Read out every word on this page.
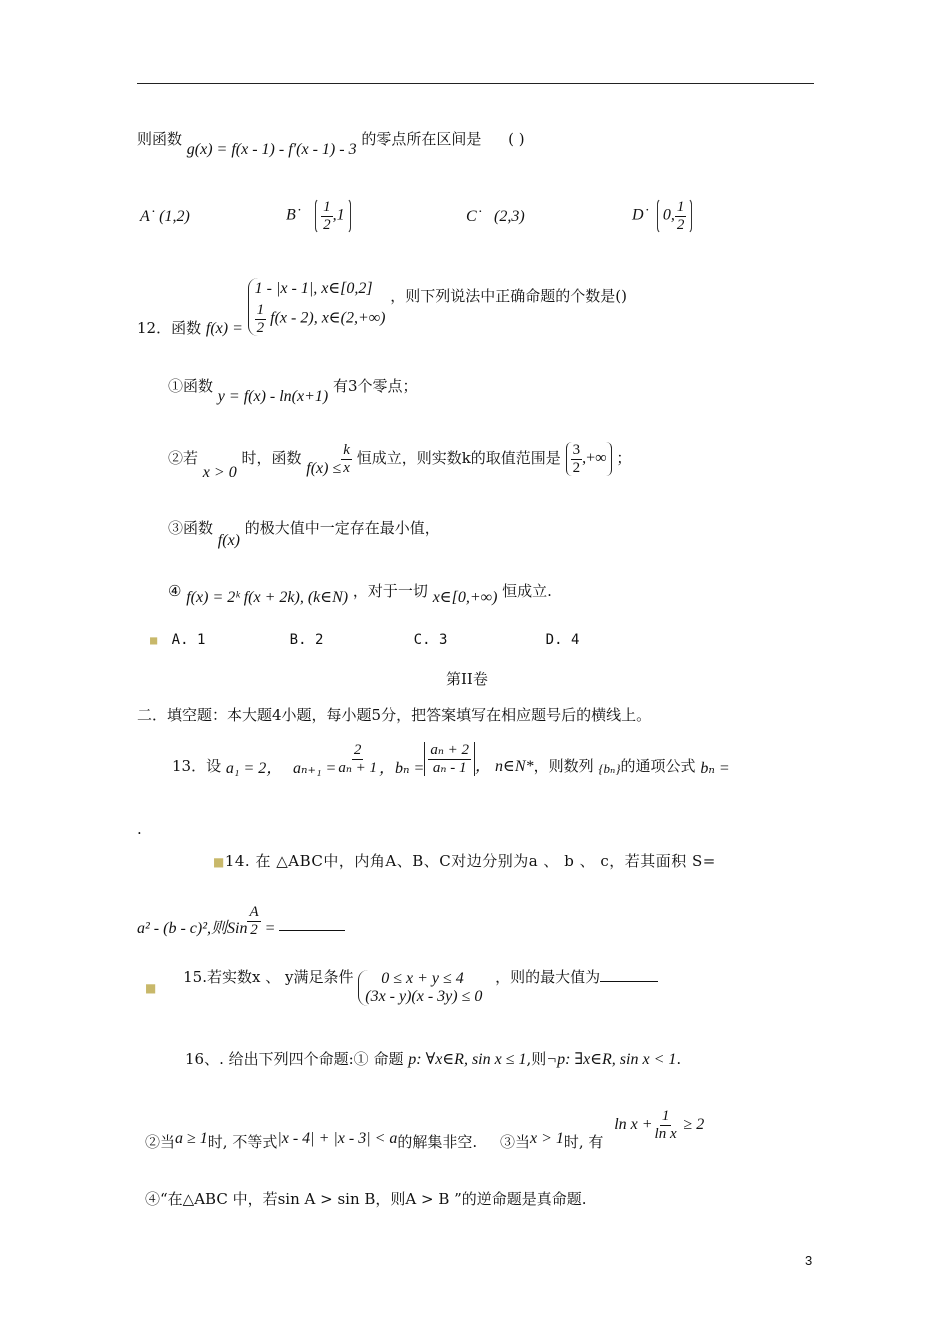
则函数 g(x) = f(x - 1) - f′(x - 1) - 3 的零点所在区间是 ( )
A˙ (1,2)	B˙ $\frac{1}{2} ,1$	C˙ (2,3)	D˙ 0, $\frac{1}{2}$
12．函数 f(x) =
1 - |x - 1|, x∈[0,2]
$\frac{1}{2} f(x - 2)$, x∈(2,+∞)
，则下列说法中正确命题的个数是()
①函数 y = f(x) - ln(x+1) 有3个零点；
②若 x > 0 时，函数 $f(x) \le \frac{k}{x}$ 恒成立，则实数k的取值范围是 $\frac{3}{2}$ ,+∞ ；
③函数 f(x) 的极大值中一定存在最小值，
④ f(x) = 2ᵏ f(x + 2k), (k∈N) ，对于一切 x∈[0,+∞) 恒成立.
■ A. 1	B. 2	C. 3	D. 4
第II卷
二．填空题：本大题4小题，每小题5分，把答案填写在相应题号后的横线上。
13．设 a₁ = 2， $a_{n+1} = \frac{2}{\text{aₙ + 1}}$ ，$b_n = \frac{\text{aₙ + 2}}{\text{aₙ - 1}}$ ， n∈N*，则数列 {bₙ}的通项公式 bₙ =
.
■14. 在 △ABC中，内角A、B、C对边分别为a 、 b 、 c，若其面积 S=
a² - (b - c)²,则Sin $\frac{A}{2}$ =
■ 15.若实数x 、 y满足条件	0 ≤ x + y ≤ 4
(3x - y)(x - 3y) ≤ 0
，则的最大值为
16、. 给出下列四个命题:① 命题 p: ∀x∈R, sin x ≤ 1,则¬p: ∃x∈R, sin x < 1.
②当a ≥ 1时, 不等式|x - 4| + |x - 3| < a的解集非空. ③当x > 1时, 有 $\ln x + \frac{1}{\text{ln x}} \ge 2$
④“在△ABC 中，若sin A > sin B，则A > B ”的逆命题是真命题.
3
